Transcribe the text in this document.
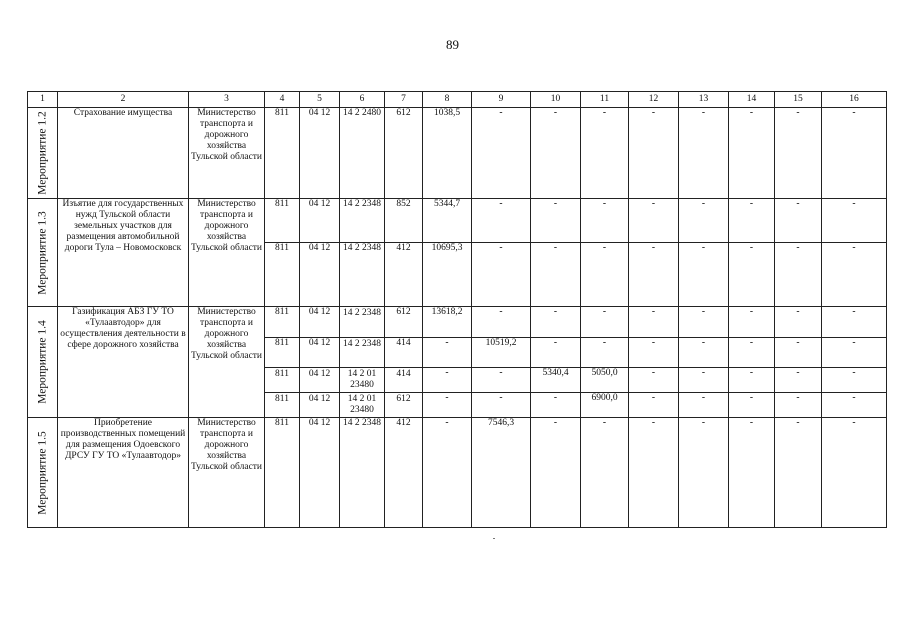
89
1	2	3	4	5	6	7	8	9	10	11	12	13	14	15	16

Мероприятие 1.2	Страхование имущества	Министерство транспорта и дорожного хозяйства Тульской области	811	04 12	14 2 2480	612	1038,5	-	-	-	-	-	-	-	-

Мероприятие 1.3	Изъятие для государственных нужд Тульской области земельных участков для размещения автомобильной дороги Тула – Новомосковск	Министерство транспорта и дорожного хозяйства Тульской области	811	04 12	14 2 2348	852	5344,7	-	-	-	-	-	-	-	-
			811	04 12	14 2 2348	412	10695,3	-	-	-	-	-	-	-	-

Мероприятие 1.4	Газификация АБЗ ГУ ТО «Тулаавтодор» для осуществления деятельности в сфере дорожного хозяйства	Министерство транспорта и дорожного хозяйства Тульской области	811	04 12	14 2 2348	612	13618,2	-	-	-	-	-	-	-	-
			811	04 12	14 2 2348	414	-	10519,2	-	-	-	-	-	-	-
			811	04 12	14 2 01 23480	414	-	-	5340,4	5050,0	-	-	-	-	-
			811	04 12	14 2 01 23480	612	-	-	-	6900,0	-	-	-	-	-

Мероприятие 1.5	Приобретение производственных помещений для размещения Одоевского ДРСУ ГУ ТО «Тулаавтодор»	Министерство транспорта и дорожного хозяйства Тульской области	811	04 12	14 2 2348	412	-	7546,3	-	-	-	-	-	-	-
